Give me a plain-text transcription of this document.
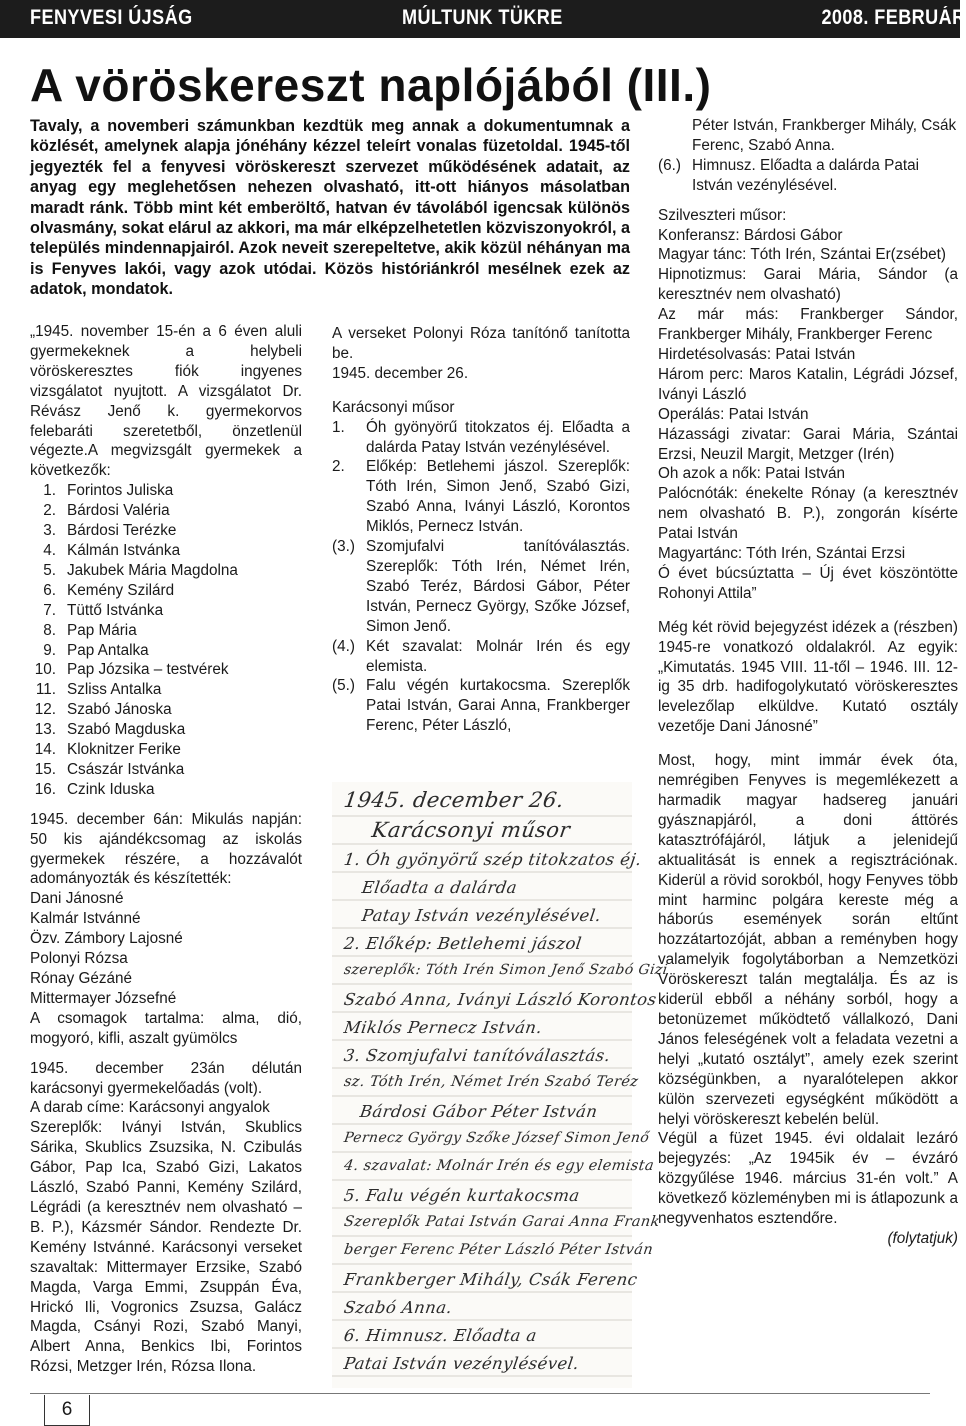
FENYVESI ÚJSÁG	MÚLTUNK TÜKRE	2008. FEBRUÁR
A vöröskereszt naplójából (III.)

Tavaly, a novemberi számunkban kezdtük meg annak a dokumentumnak a közlését, amelynek alapja jónéhány kézzel teleírt vonalas füzetoldal. 1945-től jegyezték fel a fenyvesi vöröskereszt szervezet működésének adatait, az anyag egy meglehetősen nehezen olvasható, itt-ott hiányos másolatban maradt ránk. Több mint két emberöltő, hatvan év távolából igencsak különös olvasmány, sokat elárul az akkori, ma már elképzelhetetlen közviszonyokról, a település mindennapjairól. Azok neveit szerepeltetve, akik közül néhányan ma is Fenyves lakói, vagy azok utódai. Közös históriánkról mesélnek ezek az adatok, mondatok.

„1945. november 15-én a 6 éven aluli gyermekeknek a helybeli vöröskeresztes fiók ingyenes vizsgálatot nyujtott. A vizsgálatot Dr. Révász Jenő k. gyermekorvos felebaráti szeretetből, önzetlenül végezte.A megvizsgált gyermekek a következők:

1. Forintos Juliska
2. Bárdosi Valéria
3. Bárdosi Terézke
4. Kálmán Istvánka
5. Jakubek Mária Magdolna
6. Kemény Szilárd
7. Tüttő Istvánka
8. Pap Mária
9. Pap Antalka
10. Pap Józsika – testvérek
11. Szliss Antalka
12. Szabó Jánoska
13. Szabó Magduska
14. Kloknitzer Ferike
15. Császár Istvánka
16. Czink Iduska

1945. december 6án: Mikulás napján: 50 kis ajándékcsomag az iskolás gyermekek részére, a hozzávalót adományozták és készítették:

Dani Jánosné

Kalmár Istvánné

Özv. Zámbory Lajosné

Polonyi Rózsa

Rónay Gézáné

Mittermayer Józsefné

A csomagok tartalma: alma, dió, mogyoró, kifli, aszalt gyümölcs

1945. december 23án délután karácsonyi gyermekelőadás (volt).

A darab címe: Karácsonyi angyalok

Szereplők: Iványi István, Skublics Sárika, Skublics Zsuzsika, N. Czibulás Gábor, Pap Ica, Szabó Gizi, Lakatos László, Szabó Panni, Kemény Szilárd, Légrádi (a keresztnév nem olvasható – B. P.), Kázsmér Sándor. Rendezte Dr. Kemény Istvánné. Karácsonyi verseket szavaltak: Mittermayer Erzsike, Szabó Magda, Varga Emmi, Zsuppán Éva, Hrickó Ili, Vogronics Zsuzsa, Galácz Magda, Csányi Rozi, Szabó Manyi, Albert Anna, Benkics Ibi, Forintos Rózsi, Metzger Irén, Rózsa Ilona.

A verseket Polonyi Róza tanítónő tanította be.

1945. december 26.

Karácsonyi műsor

1. Óh gyönyörű titokzatos éj. Előadta a dalárda Patay István vezénylésével.
2. Előkép: Betlehemi jászol. Szereplők: Tóth Irén, Simon Jenő, Szabó Gizi, Szabó Anna, Iványi László, Korontos Miklós, Pernecz István.
(3.) Szomjufalvi tanítóválasztás. Szereplők: Tóth Irén, Német Irén, Szabó Teréz, Bárdosi Gábor, Péter István, Pernecz György, Szőke József, Simon Jenő.
(4.) Két szavalat: Molnár Irén és egy elemista.
(5.) Falu végén kurtakocsma. Szereplők Patai István, Garai Anna, Frankberger Ferenc, Péter László,
1945. december 26.
Karácsonyi műsor
1. Óh gyönyörű szép titokzatos éj.
Előadta a dalárda
Patay István vezénylésével.
2. Előkép: Betlehemi jászol
szereplők: Tóth Irén Simon Jenő Szabó Gizi
Szabó Anna, Iványi László Korontos
Miklós Pernecz István.
3. Szomjufalvi tanítóválasztás.
sz. Tóth Irén, Német Irén Szabó Teréz
Bárdosi Gábor Péter István
Pernecz György Szőke József Simon Jenő
4. szavalat: Molnár Irén és egy elemista
5. Falu végén kurtakocsma
Szereplők Patai István Garai Anna Frank
berger Ferenc Péter László Péter István
Frankberger Mihály, Csák Ferenc
Szabó Anna.
6. Himnusz. Előadta a
Patai István vezénylésével.

Péter István, Frankberger Mihály, Csák Ferenc, Szabó Anna.

(6.) Himnusz. Előadta a dalárda Patai István vezénylésével.

Szilveszteri műsor:

Konferansz: Bárdosi Gábor

Magyar tánc: Tóth Irén, Szántai Er(zsébet)

Hipnotizmus: Garai Mária, Sándor (a keresztnév nem olvasható)

Az már más: Frankberger Sándor, Frankberger Mihály, Frankberger Ferenc

Hirdetésolvasás: Patai István

Három perc: Maros Katalin, Légrádi József, Iványi László

Operálás: Patai István

Házassági zivatar: Garai Mária, Szántai Erzsi, Neuzil Margit, Metzger (Irén)

Oh azok a nők: Patai István

Palócnóták: énekelte Rónay (a keresztnév nem olvasható B. P.), zongorán kísérte Patai István

Magyartánc: Tóth Irén, Szántai Erzsi

Ó évet búcsúztatta – Új évet köszöntötte Rohonyi Attila”

Még két rövid bejegyzést idézek a (részben) 1945-re vonatkozó oldalakról. Az egyik: „Kimutatás. 1945 VIII. 11-től – 1946. III. 12-ig 35 drb. hadifogolykutató vöröskeresztes levelezőlap elküldve. Kutató osztály vezetője Dani Jánosné”

Most, hogy, mint immár évek óta, nemrégiben Fenyves is megemlékezett a harmadik magyar hadsereg januári gyásznapjáról, a doni áttörés katasztrófájáról, látjuk a jelenidejű aktualitását is ennek a regisztrációnak. Kiderül a rövid sorokból, hogy Fenyves több mint harminc polgára kereste még a háborús események során eltűnt hozzátartozóját, abban a reményben hogy valamelyik fogolytáborban a Nemzetközi Vöröskereszt talán megtalálja. És az is kiderül ebből a néhány sorból, hogy a betonüzemet működtető vállalkozó, Dani János feleségének volt a feladata vezetni a helyi „kutató osztályt”, amely ezek szerint községünkben, a nyaralótelepen akkor külön szervezeti egységként működött a helyi vöröskereszt kebelén belül.

Végül a füzet 1945. évi oldalait lezáró bejegyzés: „Az 1945ik év – évzáró közgyűlése 1946. március 31-én volt.” A következő közleményben mi is átlapozunk a negyvenhatos esztendőre.

(folytatjuk)

6
